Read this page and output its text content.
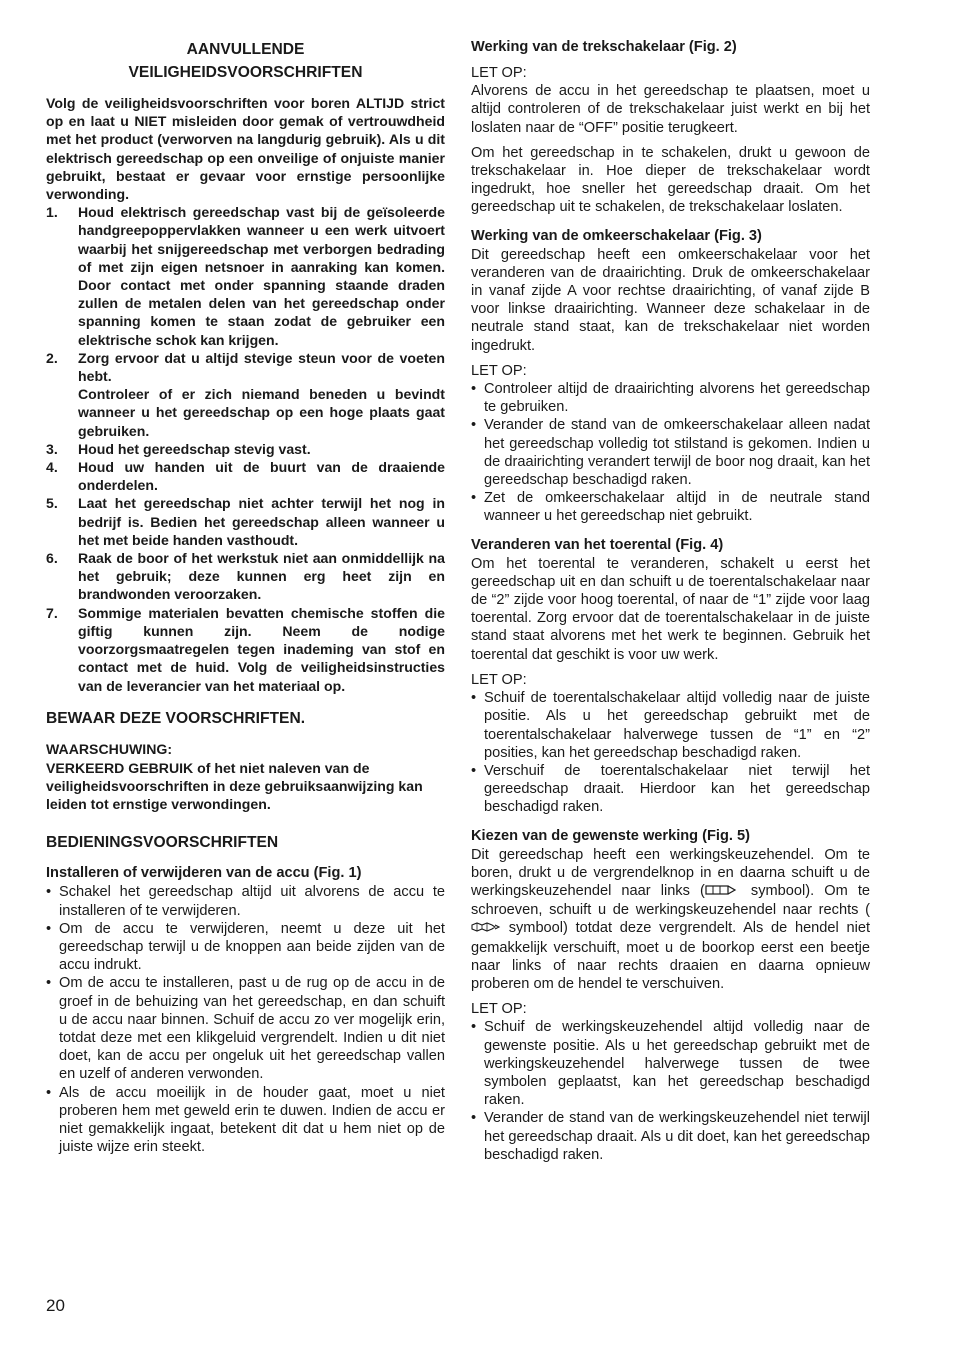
AANVULLENDE
VEILIGHEIDSVOORSCHRIFTEN

Volg de veiligheidsvoorschriften voor boren ALTIJD strict op en laat u NIET misleiden door gemak of vertrouwdheid met het product (verworven na langdurig gebruik). Als u dit elektrisch gereedschap op een onveilige of onjuiste manier gebruikt, bestaat er gevaar voor ernstige persoonlijke verwonding.

1. Houd elektrisch gereedschap vast bij de geïsoleerde handgreepoppervlakken wanneer u een werk uitvoert waarbij het snijgereedschap met verborgen bedrading of met zijn eigen netsnoer in aanraking kan komen. Door contact met onder spanning staande draden zullen de metalen delen van het gereedschap onder spanning komen te staan zodat de gebruiker een elektrische schok kan krijgen.
2. Zorg ervoor dat u altijd stevige steun voor de voeten hebt.
Controleer of er zich niemand beneden u bevindt wanneer u het gereedschap op een hoge plaats gaat gebruiken.
3. Houd het gereedschap stevig vast.
4. Houd uw handen uit de buurt van de draaiende onderdelen.
5. Laat het gereedschap niet achter terwijl het nog in bedrijf is. Bedien het gereedschap alleen wanneer u het met beide handen vasthoudt.
6. Raak de boor of het werkstuk niet aan onmiddellijk na het gebruik; deze kunnen erg heet zijn en brandwonden veroorzaken.
7. Sommige materialen bevatten chemische stoffen die giftig kunnen zijn. Neem de nodige voorzorgsmaatregelen tegen inademing van stof en contact met de huid. Volg de veiligheidsinstructies van de leverancier van het materiaal op.
BEWAAR DEZE VOORSCHRIFTEN.
WAARSCHUWING:

VERKEERD GEBRUIK of het niet naleven van de veiligheidsvoorschriften in deze gebruiksaanwijzing kan leiden tot ernstige verwondingen.

BEDIENINGSVOORSCHRIFTEN
Installeren of verwijderen van de accu (Fig. 1)
• Schakel het gereedschap altijd uit alvorens de accu te installeren of te verwijderen.
• Om de accu te verwijderen, neemt u deze uit het gereedschap terwijl u de knoppen aan beide zijden van de accu indrukt.
• Om de accu te installeren, past u de rug op de accu in de groef in de behuizing van het gereedschap, en dan schuift u de accu naar binnen. Schuif de accu zo ver mogelijk erin, totdat deze met een klikgeluid vergrendelt. Indien u dit niet doet, kan de accu per ongeluk uit het gereedschap vallen en uzelf of anderen verwonden.
• Als de accu moeilijk in de houder gaat, moet u niet proberen hem met geweld erin te duwen. Indien de accu er niet gemakkelijk ingaat, betekent dit dat u hem niet op de juiste wijze erin steekt.
Werking van de trekschakelaar (Fig. 2)
LET OP:

Alvorens de accu in het gereedschap te plaatsen, moet u altijd controleren of de trekschakelaar juist werkt en bij het loslaten naar de “OFF” positie terugkeert.

Om het gereedschap in te schakelen, drukt u gewoon de trekschakelaar in. Hoe dieper de trekschakelaar wordt ingedrukt, hoe sneller het gereedschap draait. Om het gereedschap uit te schakelen, de trekschakelaar loslaten.

Werking van de omkeerschakelaar (Fig. 3)

Dit gereedschap heeft een omkeerschakelaar voor het veranderen van de draairichting. Druk de omkeerschakelaar in vanaf zijde A voor rechtse draairichting, of vanaf zijde B voor linkse draairichting. Wanneer deze schakelaar in de neutrale stand staat, kan de trekschakelaar niet worden ingedrukt.

LET OP:
• Controleer altijd de draairichting alvorens het gereedschap te gebruiken.
• Verander de stand van de omkeerschakelaar alleen nadat het gereedschap volledig tot stilstand is gekomen. Indien u de draairichting verandert terwijl de boor nog draait, kan het gereedschap beschadigd raken.
• Zet de omkeerschakelaar altijd in de neutrale stand wanneer u het gereedschap niet gebruikt.
Veranderen van het toerental (Fig. 4)

Om het toerental te veranderen, schakelt u eerst het gereedschap uit en dan schuift u de toerentalschakelaar naar de “2” zijde voor hoog toerental, of naar de “1” zijde voor laag toerental. Zorg ervoor dat de toerentalschakelaar in de juiste stand staat alvorens met het werk te beginnen. Gebruik het toerental dat geschikt is voor uw werk.

LET OP:
• Schuif de toerentalschakelaar altijd volledig naar de juiste positie. Als u het gereedschap gebruikt met de toerentalschakelaar halverwege tussen de “1” en “2” posities, kan het gereedschap beschadigd raken.
• Verschuif de toerentalschakelaar niet terwijl het gereedschap draait. Hierdoor kan het gereedschap beschadigd raken.
Kiezen van de gewenste werking (Fig. 5)

Dit gereedschap heeft een werkingskeuzehendel. Om te boren, drukt u de vergrendelknop in en daarna schuift u de werkingskeuzehendel naar links ( symbool). Om te schroeven, schuift u de werkingskeuzehendel naar rechts ( symbool) totdat deze vergrendelt. Als de hendel niet gemakkelijk verschuift, moet u de boorkop eerst een beetje naar links of naar rechts draaien en daarna opnieuw proberen om de hendel te verschuiven.

LET OP:
• Schuif de werkingskeuzehendel altijd volledig naar de gewenste positie. Als u het gereedschap gebruikt met de werkingskeuzehendel halverwege tussen de twee symbolen geplaatst, kan het gereedschap beschadigd raken.
• Verander de stand van de werkingskeuzehendel niet terwijl het gereedschap draait. Als u dit doet, kan het gereedschap beschadigd raken.
20
